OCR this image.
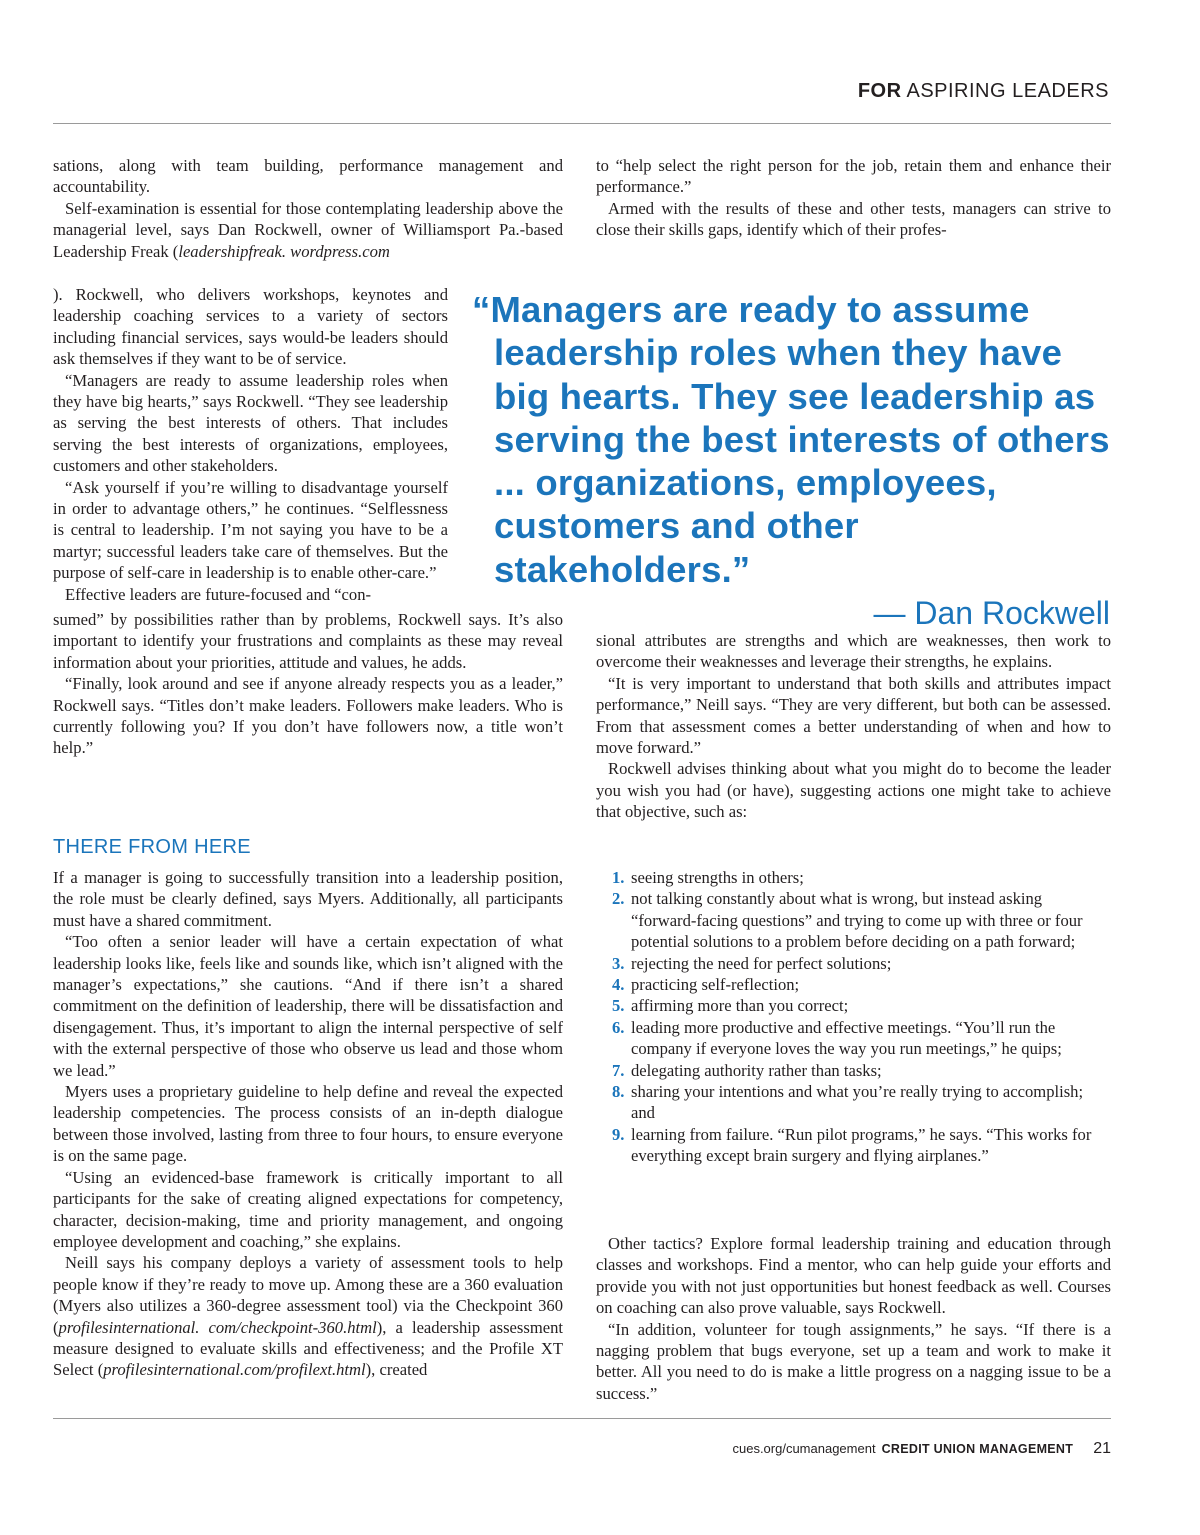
FOR ASPIRING LEADERS

sations, along with team building, performance management and accountability.

Self-examination is essential for those contemplating leadership above the managerial level, says Dan Rockwell, owner of Williamsport Pa.-based Leadership Freak (leadershipfreak. wordpress.com

). Rockwell, who delivers workshops, keynotes and leadership coaching services to a variety of sectors including financial services, says would-be leaders should ask themselves if they want to be of service.

“Managers are ready to assume leadership roles when they have big hearts,” says Rockwell. “They see leadership as serving the best interests of others. That includes serving the best interests of organizations, employees, customers and other stakeholders.

“Ask yourself if you’re willing to disadvantage yourself in order to advantage others,” he continues. “Selflessness is central to leadership. I’m not saying you have to be a martyr; successful leaders take care of themselves. But the purpose of self-care in leadership is to enable other-care.”

Effective leaders are future-focused and “con-

sumed” by possibilities rather than by problems, Rockwell says. It’s also important to identify your frustrations and complaints as these may reveal information about your priorities, attitude and values, he adds.

“Finally, look around and see if anyone already respects you as a leader,” Rockwell says. “Titles don’t make leaders. Followers make leaders. Who is currently following you? If you don’t have followers now, a title won’t help.”

THERE FROM HERE

If a manager is going to successfully transition into a leadership position, the role must be clearly defined, says Myers. Additionally, all participants must have a shared commitment.

“Too often a senior leader will have a certain expectation of what leadership looks like, feels like and sounds like, which isn’t aligned with the manager’s expectations,” she cautions. “And if there isn’t a shared commitment on the definition of leadership, there will be dissatisfaction and disengagement. Thus, it’s important to align the internal perspective of self with the external perspective of those who observe us lead and those whom we lead.”

Myers uses a proprietary guideline to help define and reveal the expected leadership competencies. The process consists of an in-depth dialogue between those involved, lasting from three to four hours, to ensure everyone is on the same page.

“Using an evidenced-base framework is critically important to all participants for the sake of creating aligned expectations for competency, character, decision-making, time and priority management, and ongoing employee development and coaching,” she explains.

Neill says his company deploys a variety of assessment tools to help people know if they’re ready to move up. Among these are a 360 evaluation (Myers also utilizes a 360-degree assessment tool) via the Checkpoint 360 (profilesinternational. com/checkpoint-360.html), a leadership assessment measure designed to evaluate skills and effectiveness; and the Profile XT Select (profilesinternational.com/profilext.html), created

to “help select the right person for the job, retain them and enhance their performance.”

Armed with the results of these and other tests, managers can strive to close their skills gaps, identify which of their profes-

“Managers are ready to assume leadership roles when they have big hearts. They see leadership as serving the best interests of others ... organizations, employees, customers and other stakeholders.”
— Dan Rockwell

sional attributes are strengths and which are weaknesses, then work to overcome their weaknesses and leverage their strengths, he explains.

“It is very important to understand that both skills and attributes impact performance,” Neill says. “They are very different, but both can be assessed. From that assessment comes a better understanding of when and how to move forward.”

Rockwell advises thinking about what you might do to become the leader you wish you had (or have), suggesting actions one might take to achieve that objective, such as:

1. seeing strengths in others;
2. not talking constantly about what is wrong, but instead asking “forward-facing questions” and trying to come up with three or four potential solutions to a problem before deciding on a path forward;
3. rejecting the need for perfect solutions;
4. practicing self-reflection;
5. affirming more than you correct;
6. leading more productive and effective meetings. “You’ll run the company if everyone loves the way you run meetings,” he quips;
7. delegating authority rather than tasks;
8. sharing your intentions and what you’re really trying to accomplish; and
9. learning from failure. “Run pilot programs,” he says. “This works for everything except brain surgery and flying airplanes.”

Other tactics? Explore formal leadership training and education through classes and workshops. Find a mentor, who can help guide your efforts and provide you with not just opportunities but honest feedback as well. Courses on coaching can also prove valuable, says Rockwell.

“In addition, volunteer for tough assignments,” he says. “If there is a nagging problem that bugs everyone, set up a team and work to make it better. All you need to do is make a little progress on a nagging issue to be a success.”

cues.org/cumanagement CREDIT UNION MANAGEMENT 21
